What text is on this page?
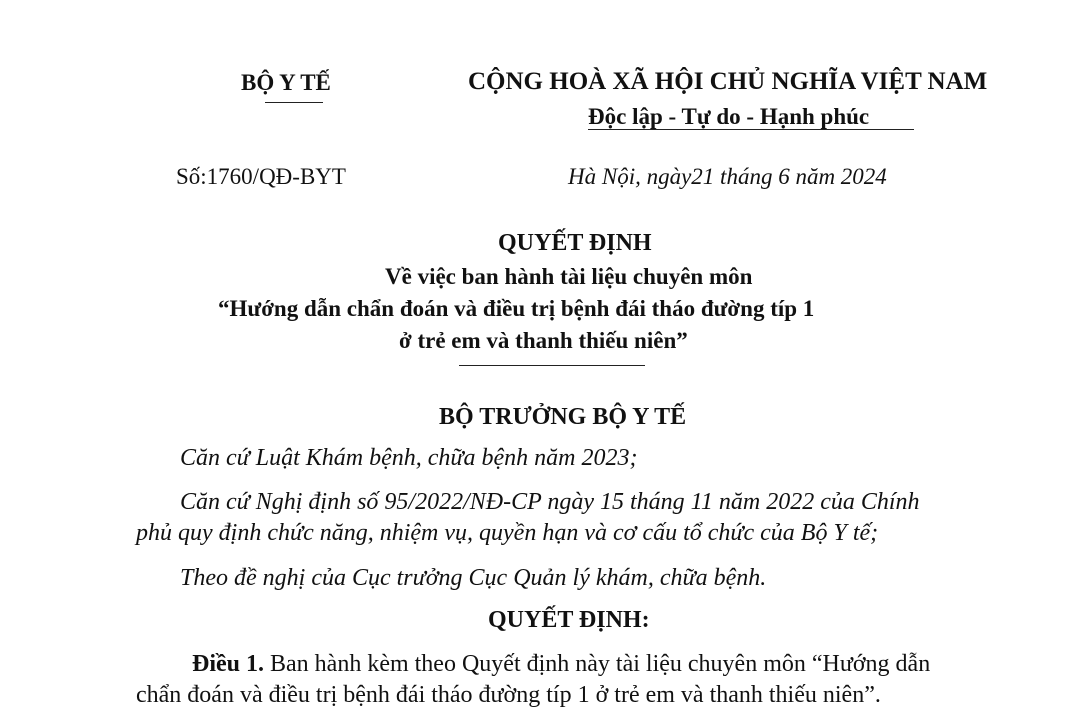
BỘ Y TẾ	CỘNG HOÀ XÃ HỘI CHỦ NGHĨA VIỆT NAM
Độc lập - Tự do - Hạnh phúc
Số:1760/QĐ-BYT	Hà Nội, ngày21 tháng 6 năm 2024
QUYẾT ĐỊNH
Về việc ban hành tài liệu chuyên môn
“Hướng dẫn chẩn đoán và điều trị bệnh đái tháo đường típ 1
ở trẻ em và thanh thiếu niên”
BỘ TRƯỞNG BỘ Y TẾ
Căn cứ Luật Khám bệnh, chữa bệnh năm 2023;
Căn cứ Nghị định số 95/2022/NĐ-CP ngày 15 tháng 11 năm 2022 của Chính
phủ quy định chức năng, nhiệm vụ, quyền hạn và cơ cấu tổ chức của Bộ Y tế;
Theo đề nghị của Cục trưởng Cục Quản lý khám, chữa bệnh.
QUYẾT ĐỊNH:
Điều 1. Ban hành kèm theo Quyết định này tài liệu chuyên môn “Hướng dẫn
chẩn đoán và điều trị bệnh đái tháo đường típ 1 ở trẻ em và thanh thiếu niên”.
